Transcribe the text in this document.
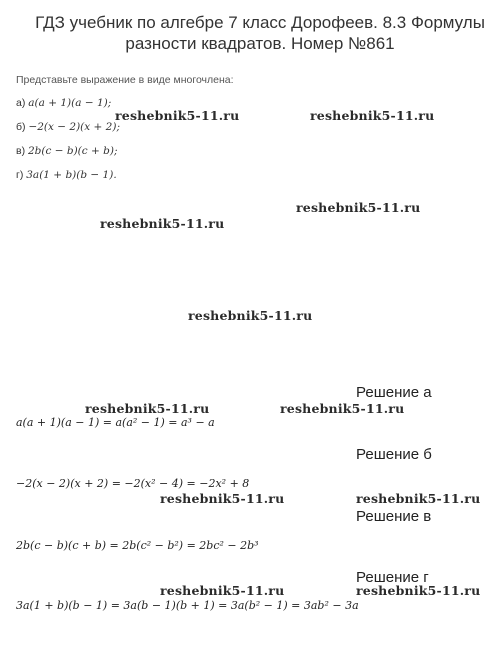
ГДЗ учебник по алгебре 7 класс Дорофеев. 8.3 Формулы разности квадратов. Номер №861
Представьте выражение в виде многочлена:
а) a(a + 1)(a − 1);
б) −2(x − 2)(x + 2);
в) 2b(c − b)(c + b);
г) 3a(1 + b)(b − 1).
reshebnik5-11.ru	reshebnik5-11.ru
reshebnik5-11.ru
reshebnik5-11.ru
reshebnik5-11.ru
reshebnik5-11.ru	reshebnik5-11.ru
reshebnik5-11.ru	reshebnik5-11.ru
reshebnik5-11.ru	reshebnik5-11.ru
Решение а
a(a + 1)(a − 1) = a(a² − 1) = a³ − a
Решение б
−2(x − 2)(x + 2) = −2(x² − 4) = −2x² + 8
Решение в
2b(c − b)(c + b) = 2b(c² − b²) = 2bc² − 2b³
Решение г
3a(1 + b)(b − 1) = 3a(b − 1)(b + 1) = 3a(b² − 1) = 3ab² − 3a
